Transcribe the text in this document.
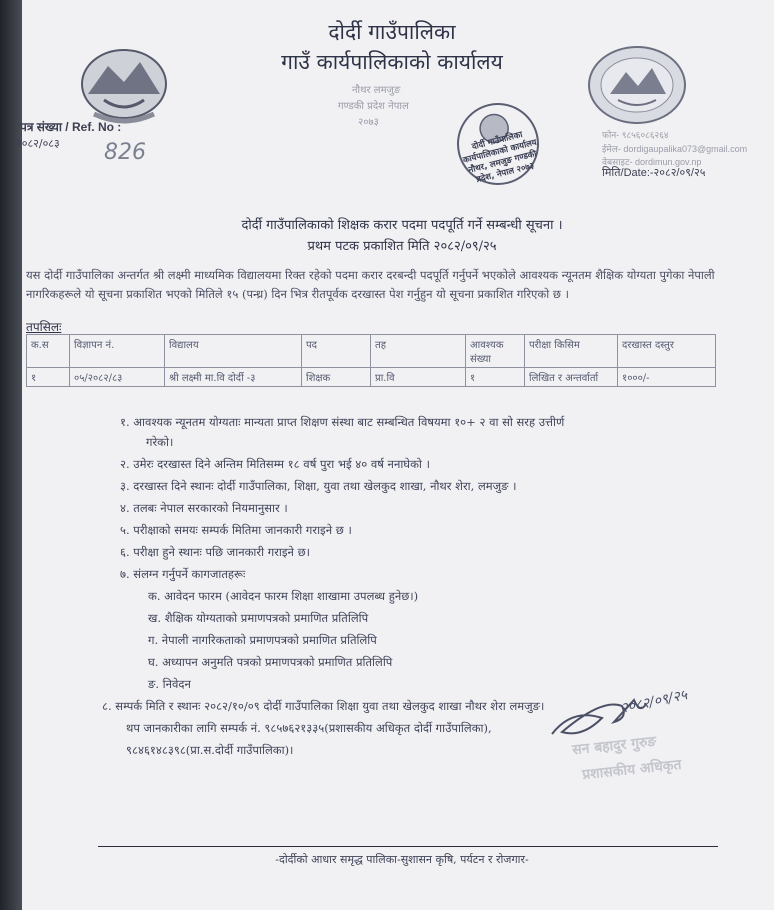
दोर्दी गाउँपालिका
गाउँ कार्यपालिकाको कार्यालय
नौथर लमजुङ
गण्डकी प्रदेश नेपाल
२०७३
दोर्दी गाउँपालिका कार्यपालिकाको कार्यालय नौथर, लमजुङ गण्डकी प्रदेश, नेपाल २०७३
पत्र संख्या / Ref. No :
२०८२/०८३ 826
फोन- ९८५६०८६२६४
ईमेल- dordigaupalika073@gmail.com
वेबसाइट- dordimun.gov.np
मिति/Date:-२०८२/०९/२५
दोर्दी गाउँपालिकाको शिक्षक करार पदमा पदपूर्ति गर्ने सम्बन्धी सूचना ।
प्रथम पटक प्रकाशित मिति २०८२/०९/२५
यस दोर्दी गाउँपालिका अन्तर्गत श्री लक्ष्मी माध्यमिक विद्यालयमा रिक्त रहेको पदमा करार दरबन्दी पदपूर्ति गर्नुपर्ने भएकोले आवश्यक न्यूनतम शैक्षिक योग्यता पुगेका नेपाली नागरिकहरूले यो सूचना प्रकाशित भएको मितिले १५ (पन्ध्र) दिन भित्र रीतपूर्वक दरखास्त पेश गर्नुहुन यो सूचना प्रकाशित गरिएको छ ।
तपसिलः
क.स	विज्ञापन नं.	विद्यालय	पद	तह	आवश्यक संख्या	परीक्षा किसिम	दरखास्त दस्तुर
१	०५/२०८२/८३	श्री लक्ष्मी मा.वि दोर्दी -३	शिक्षक	प्रा.वि	१	लिखित र अन्तर्वार्ता	१०००/-
१. आवश्यक न्यूनतम योग्यताः मान्यता प्राप्त शिक्षण संस्था बाट सम्बन्धित विषयमा १०+ २ वा सो सरह उत्तीर्ण
गरेको।
२. उमेरः दरखास्त दिने अन्तिम मितिसम्म १८ वर्ष पुरा भई ४० वर्ष ननाघेको ।
३. दरखास्त दिने स्थानः दोर्दी गाउँपालिका, शिक्षा, युवा तथा खेलकुद शाखा, नौथर शेरा, लमजुङ ।
४. तलबः नेपाल सरकारको नियमानुसार ।
५. परीक्षाको समयः सम्पर्क मितिमा जानकारी गराइने छ ।
६. परीक्षा हुने स्थानः पछि जानकारी गराइने छ।
७. संलग्न गर्नुपर्ने कागजातहरूः
क. आवेदन फारम (आवेदन फारम शिक्षा शाखामा उपलब्ध हुनेछ।)
ख. शैक्षिक योग्यताको प्रमाणपत्रको प्रमाणित प्रतिलिपि
ग. नेपाली नागरिकताको प्रमाणपत्रको प्रमाणित प्रतिलिपि
घ. अध्यापन अनुमति पत्रको प्रमाणपत्रको प्रमाणित प्रतिलिपि
ङ. निवेदन
८. सम्पर्क मिति र स्थानः २०८२/१०/०९ दोर्दी गाउँपालिका शिक्षा युवा तथा खेलकुद शाखा नौथर शेरा लमजुङ।
थप जानकारीका लागि सम्पर्क नं. ९८५७६२१३३५(प्रशासकीय अधिकृत दोर्दी गाउँपालिका),
९८४६१४८३९८(प्रा.स.दोर्दी गाउँपालिका)।
२०८२/०९/२५
सन बहादुर गुरुङ
प्रशासकीय अधिकृत
-दोर्दीको आधार समृद्ध पालिका-सुशासन कृषि, पर्यटन र रोजगार-
